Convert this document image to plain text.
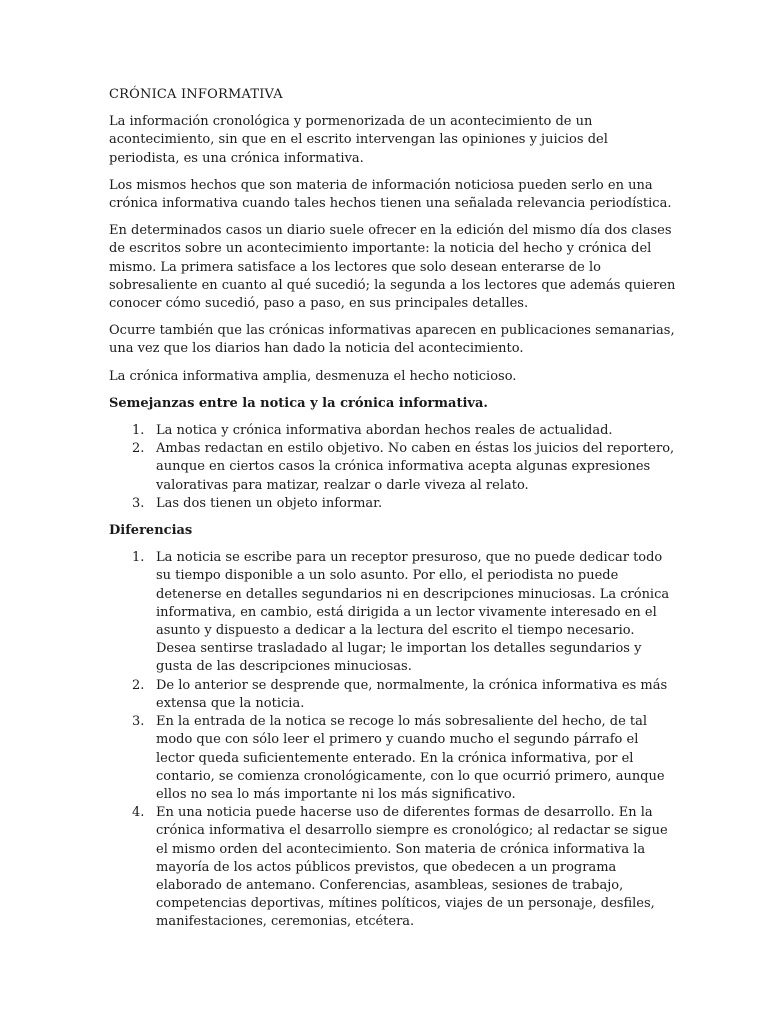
CRÓNICA INFORMATIVA

La información cronológica y pormenorizada de un acontecimiento de un acontecimiento, sin que en el escrito intervengan las opiniones y juicios del periodista, es una crónica informativa.

Los mismos hechos que son materia de información noticiosa pueden serlo en una crónica informativa cuando tales hechos tienen una señalada relevancia periodística.

En determinados casos un diario suele ofrecer en la edición del mismo día dos clases de escritos sobre un acontecimiento importante: la noticia del hecho y crónica del mismo. La primera satisface a los lectores que solo desean enterarse de lo sobresaliente en cuanto al qué sucedió; la segunda a los lectores que además quieren conocer cómo sucedió, paso a paso, en sus principales detalles.

Ocurre también que las crónicas informativas aparecen en publicaciones semanarias, una vez que los diarios han dado la noticia del acontecimiento.

La crónica informativa amplia, desmenuza el hecho noticioso.

Semejanzas entre la notica y la crónica informativa.
1. La notica y crónica informativa abordan hechos reales de actualidad.
2. Ambas redactan en estilo objetivo. No caben en éstas los juicios del reportero, aunque en ciertos casos la crónica informativa acepta algunas expresiones valorativas para matizar, realzar o darle viveza al relato.
3. Las dos tienen un objeto informar.
Diferencias
1. La noticia se escribe para un receptor presuroso, que no puede dedicar todo su tiempo disponible a un solo asunto. Por ello, el periodista no puede detenerse en detalles segundarios ni en descripciones minuciosas. La crónica informativa, en cambio, está dirigida a un lector vivamente interesado en el asunto y dispuesto a dedicar a la lectura del escrito el tiempo necesario. Desea sentirse trasladado al lugar; le importan los detalles segundarios y gusta de las descripciones minuciosas.
2. De lo anterior se desprende que, normalmente, la crónica informativa es más extensa que la noticia.
3. En la entrada de la notica se recoge lo más sobresaliente del hecho, de tal modo que con sólo leer el primero y cuando mucho el segundo párrafo el lector queda suficientemente enterado. En la crónica informativa, por el contario, se comienza cronológicamente, con lo que ocurrió primero, aunque ellos no sea lo más importante ni los más significativo.
4. En una noticia puede hacerse uso de diferentes formas de desarrollo. En la crónica informativa el desarrollo siempre es cronológico; al redactar se sigue el mismo orden del acontecimiento. Son materia de crónica informativa la mayoría de los actos públicos previstos, que obedecen a un programa elaborado de antemano. Conferencias, asambleas, sesiones de trabajo, competencias deportivas, mítines políticos, viajes de un personaje, desfiles, manifestaciones, ceremonias, etcétera.
